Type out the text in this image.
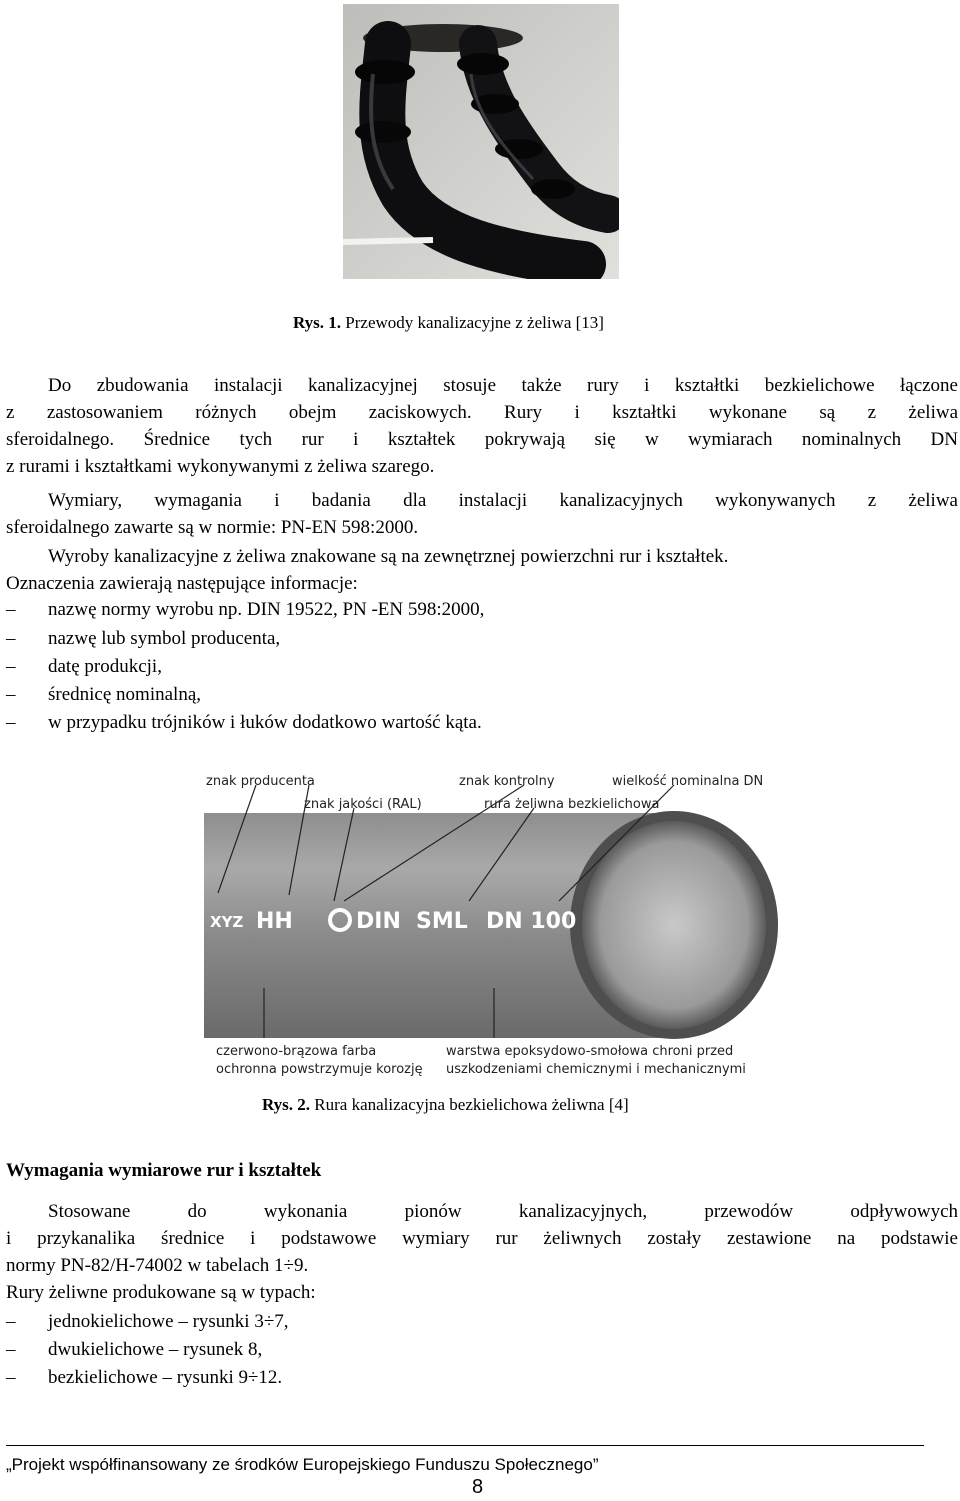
Rys. 1. Przewody kanalizacyjne z żeliwa [13]
Do zbudowania instalacji kanalizacyjnej stosuje także rury i kształtki bezkielichowe łączone
z zastosowaniem różnych obejm zaciskowych. Rury i kształtki wykonane są z żeliwa
sferoidalnego. Średnice tych rur i kształtek pokrywają się w wymiarach nominalnych DN
z rurami i kształtkami wykonywanymi z żeliwa szarego.
Wymiary, wymagania i badania dla instalacji kanalizacyjnych wykonywanych z żeliwa
sferoidalnego zawarte są w normie: PN-EN 598:2000.
Wyroby kanalizacyjne z żeliwa znakowane są na zewnętrznej powierzchni rur i kształtek.
Oznaczenia zawierają następujące informacje:
– nazwę normy wyrobu np. DIN 19522, PN -EN 598:2000,
– nazwę lub symbol producenta,
– datę produkcji,
– średnicę nominalną,
– w przypadku trójników i łuków dodatkowo wartość kąta.
znak producenta
znak jakości (RAL)
znak kontrolny
rura żeliwna bezkielichowa
wielkość nominalna DN
XYZ HH	DIN SML DN 100
czerwono-brązowa farba
ochronna powstrzymuje korozję
warstwa epoksydowo-smołowa chroni przed
uszkodzeniami chemicznymi i mechanicznymi
Rys. 2. Rura kanalizacyjna bezkielichowa żeliwna [4]
Wymagania wymiarowe rur i kształtek
Stosowane do wykonania pionów kanalizacyjnych, przewodów odpływowych
i przykanalika średnice i podstawowe wymiary rur żeliwnych zostały zestawione na podstawie
normy PN-82/H-74002 w tabelach 1÷9.
Rury żeliwne produkowane są w typach:
– jednokielichowe – rysunki 3÷7,
– dwukielichowe – rysunek 8,
– bezkielichowe – rysunki 9÷12.
„Projekt współfinansowany ze środków Europejskiego Funduszu Społecznego”
8
